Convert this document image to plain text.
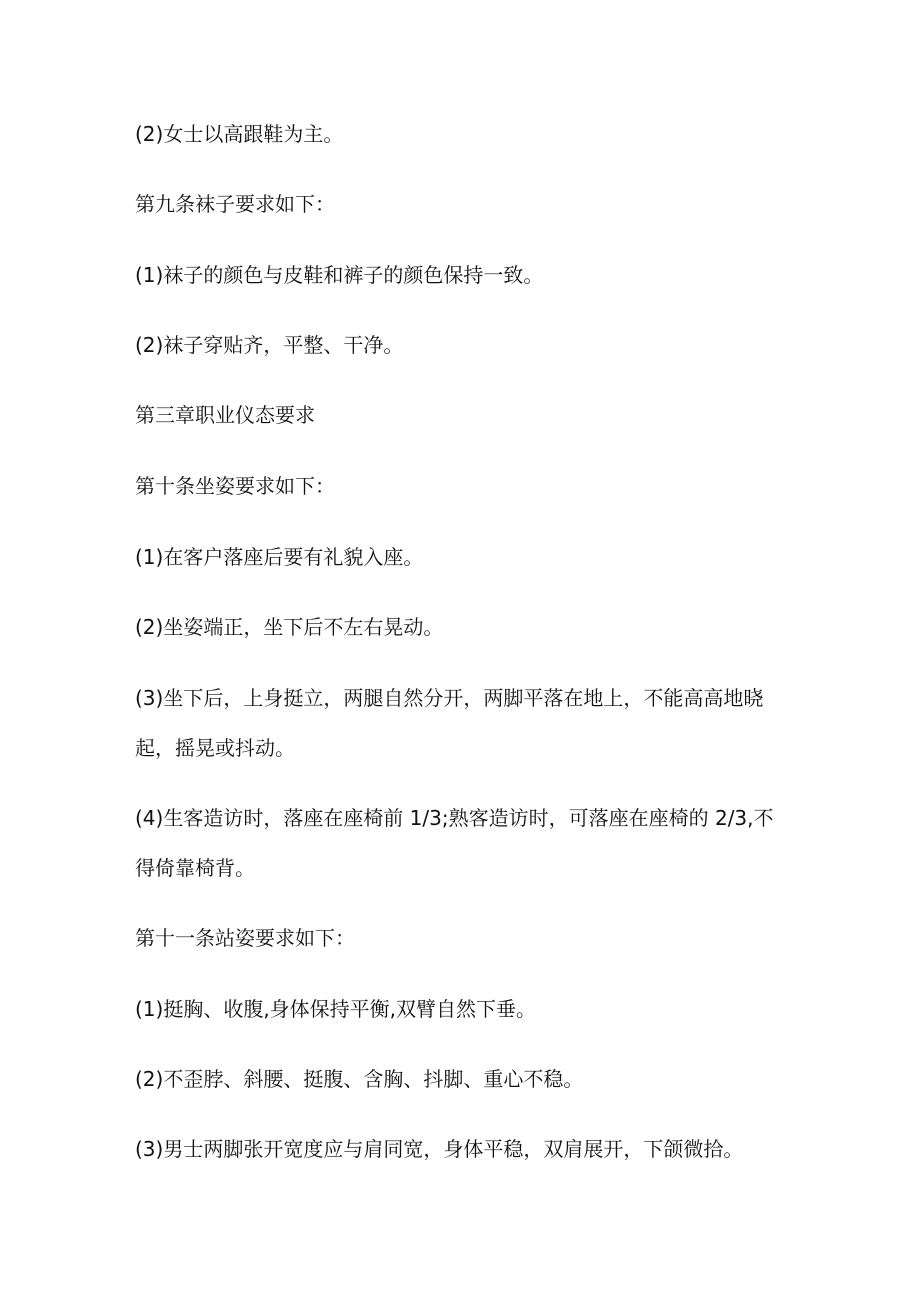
(2)女士以高跟鞋为主。
第九条袜子要求如下：
(1)袜子的颜色与皮鞋和裤子的颜色保持一致。
(2)袜子穿贴齐，平整、干净。
第三章职业仪态要求
第十条坐姿要求如下：
(1)在客户落座后要有礼貌入座。
(2)坐姿端正，坐下后不左右晃动。
(3)坐下后，上身挺立，两腿自然分开，两脚平落在地上，不能高高地晓
起，摇晃或抖动。
(4)生客造访时，落座在座椅前 1/3;熟客造访时，可落座在座椅的 2/3,不
得倚靠椅背。
第十一条站姿要求如下：
(1)挺胸、收腹,身体保持平衡,双臂自然下垂。
(2)不歪脖、斜腰、挺腹、含胸、抖脚、重心不稳。
(3)男士两脚张开宽度应与肩同宽，身体平稳，双肩展开，下颌微拾。
